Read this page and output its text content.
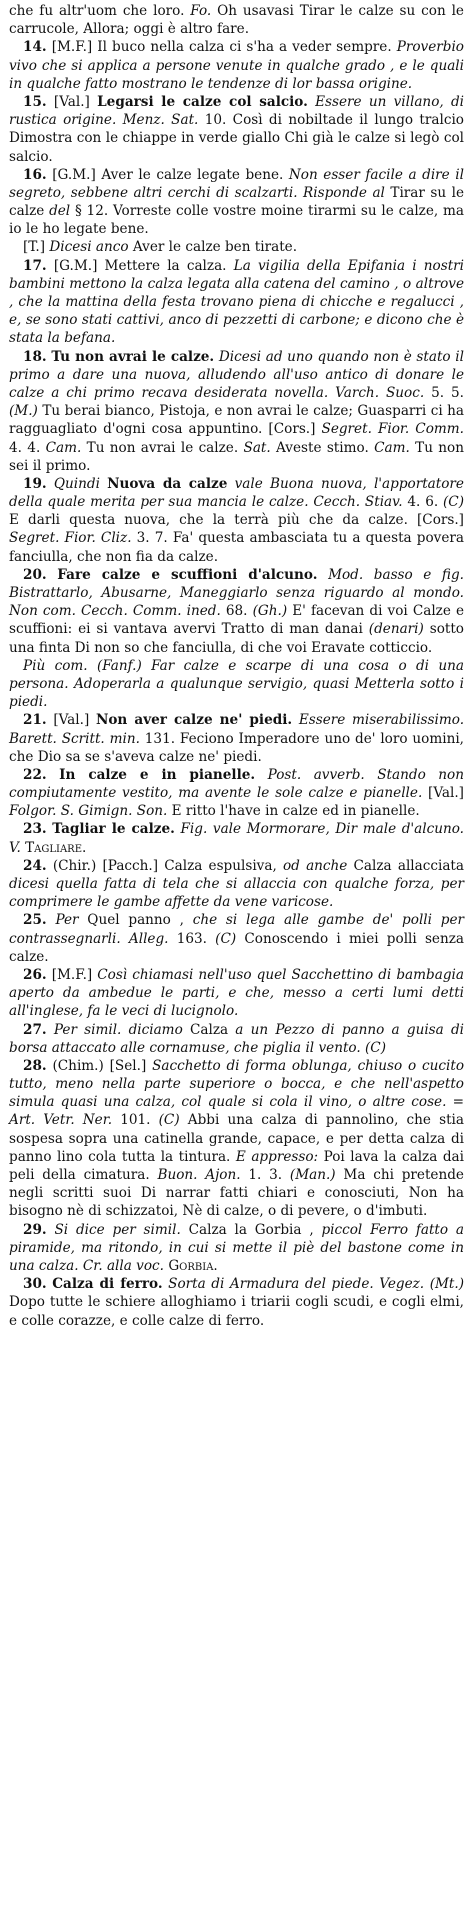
che fu altr'uom che loro. Fo. Oh usavasi Tirar le calze su con le carrucole, Allora; oggi è altro fare.

14. [M.F.] Il buco nella calza ci s'ha a veder sempre. Proverbio vivo che si applica a persone venute in qualche grado , e le quali in qualche fatto mostrano le tendenze di lor bassa origine.

15. [Val.] Legarsi le calze col salcio. Essere un villano, di rustica origine. Menz. Sat. 10. Così di nobiltade il lungo tralcio Dimostra con le chiappe in verde giallo Chi già le calze si legò col salcio.

16. [G.M.] Aver le calze legate bene. Non esser facile a dire il segreto, sebbene altri cerchi di scalzarti. Risponde al Tirar su le calze del § 12. Vorreste colle vostre moine tirarmi su le calze, ma io le ho legate bene.

[T.] Dicesi anco Aver le calze ben tirate.

17. [G.M.] Mettere la calza. La vigilia della Epifania i nostri bambini mettono la calza legata alla catena del camino , o altrove , che la mattina della festa trovano piena di chicche e regalucci , e, se sono stati cattivi, anco di pezzetti di carbone; e dicono che è stata la befana.

18. Tu non avrai le calze. Dicesi ad uno quando non è stato il primo a dare una nuova, alludendo all'uso antico di donare le calze a chi primo recava desiderata novella. Varch. Suoc. 5. 5. (M.) Tu berai bianco, Pistoja, e non avrai le calze; Guasparri ci ha ragguagliato d'ogni cosa appuntino. [Cors.] Segret. Fior. Comm. 4. 4. Cam. Tu non avrai le calze. Sat. Aveste stimo. Cam. Tu non sei il primo.

19. Quindi Nuova da calze vale Buona nuova, l'apportatore della quale merita per sua mancia le calze. Cecch. Stiav. 4. 6. (C) E darli questa nuova, che la terrà più che da calze. [Cors.] Segret. Fior. Cliz. 3. 7. Fa' questa ambasciata tu a questa povera fanciulla, che non fia da calze.

20. Fare calze e scuffioni d'alcuno. Mod. basso e fig. Bistrattarlo, Abusarne, Maneggiarlo senza riguardo al mondo. Non com. Cecch. Comm. ined. 68. (Gh.) E' facevan di voi Calze e scuffioni: ei si vantava avervi Tratto di man danai (denari) sotto una finta Di non so che fanciulla, di che voi Eravate cotticcio.

Più com. (Fanf.) Far calze e scarpe di una cosa o di una persona. Adoperarla a qualunque servigio, quasi Metterla sotto i piedi.

21. [Val.] Non aver calze ne' piedi. Essere miserabilissimo. Barett. Scritt. min. 131. Feciono Imperadore uno de' loro uomini, che Dio sa se s'aveva calze ne' piedi.

22. In calze e in pianelle. Post. avverb. Stando non compiutamente vestito, ma avente le sole calze e pianelle. [Val.] Folgor. S. Gimign. Son. E ritto l'have in calze ed in pianelle.

23. Tagliar le calze. Fig. vale Mormorare, Dir male d'alcuno. V. Tagliare.

24. (Chir.) [Pacch.] Calza espulsiva, od anche Calza allacciata dicesi quella fatta di tela che si allaccia con qualche forza, per comprimere le gambe affette da vene varicose.

25. Per Quel panno , che si lega alle gambe de' polli per contrassegnarli. Alleg. 163. (C) Conoscendo i miei polli senza calze.

26. [M.F.] Così chiamasi nell'uso quel Sacchettino di bambagia aperto da ambedue le parti, e che, messo a certi lumi detti all'inglese, fa le veci di lucignolo.

27. Per simil. diciamo Calza a un Pezzo di panno a guisa di borsa attaccato alle cornamuse, che piglia il vento. (C)

28. (Chim.) [Sel.] Sacchetto di forma oblunga, chiuso o cucito tutto, meno nella parte superiore o bocca, e che nell'aspetto simula quasi una calza, col quale si cola il vino, o altre cose. = Art. Vetr. Ner. 101. (C) Abbi una calza di pannolino, che stia sospesa sopra una catinella grande, capace, e per detta calza di panno lino cola tutta la tintura. E appresso: Poi lava la calza dai peli della cimatura. Buon. Ajon. 1. 3. (Man.) Ma chi pretende negli scritti suoi Di narrar fatti chiari e conosciuti, Non ha bisogno nè di schizzatoi, Nè di calze, o di pevere, o d'imbuti.

29. Si dice per simil. Calza la Gorbia , piccol Ferro fatto a piramide, ma ritondo, in cui si mette il piè del bastone come in una calza. Cr. alla voc. Gorbia.

30. Calza di ferro. Sorta di Armadura del piede. Vegez. (Mt.) Dopo tutte le schiere alloghiamo i triarii cogli scudi, e cogli elmi, e colle corazze, e colle calze di ferro.
